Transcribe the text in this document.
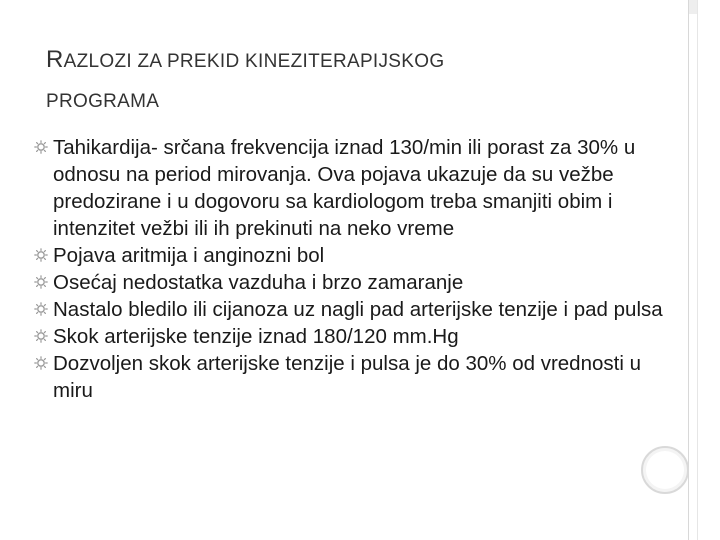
RAZLOZI ZA PREKID KINEZITERAPIJSKOG
PROGRAMA
Tahikardija- srčana frekvencija iznad 130/min ili porast za 30% u odnosu na period mirovanja. Ova pojava ukazuje da su vežbe predozirane i u dogovoru sa kardiologom treba smanjiti obim i intenzitet vežbi ili ih prekinuti na neko vreme
Pojava aritmija i anginozni bol
Osećaj nedostatka vazduha i brzo zamaranje
Nastalo bledilo ili cijanoza uz nagli pad arterijske tenzije i pad pulsa
Skok arterijske tenzije iznad 180/120 mm.Hg
Dozvoljen skok arterijske tenzije i pulsa je do 30% od vrednosti u miru
